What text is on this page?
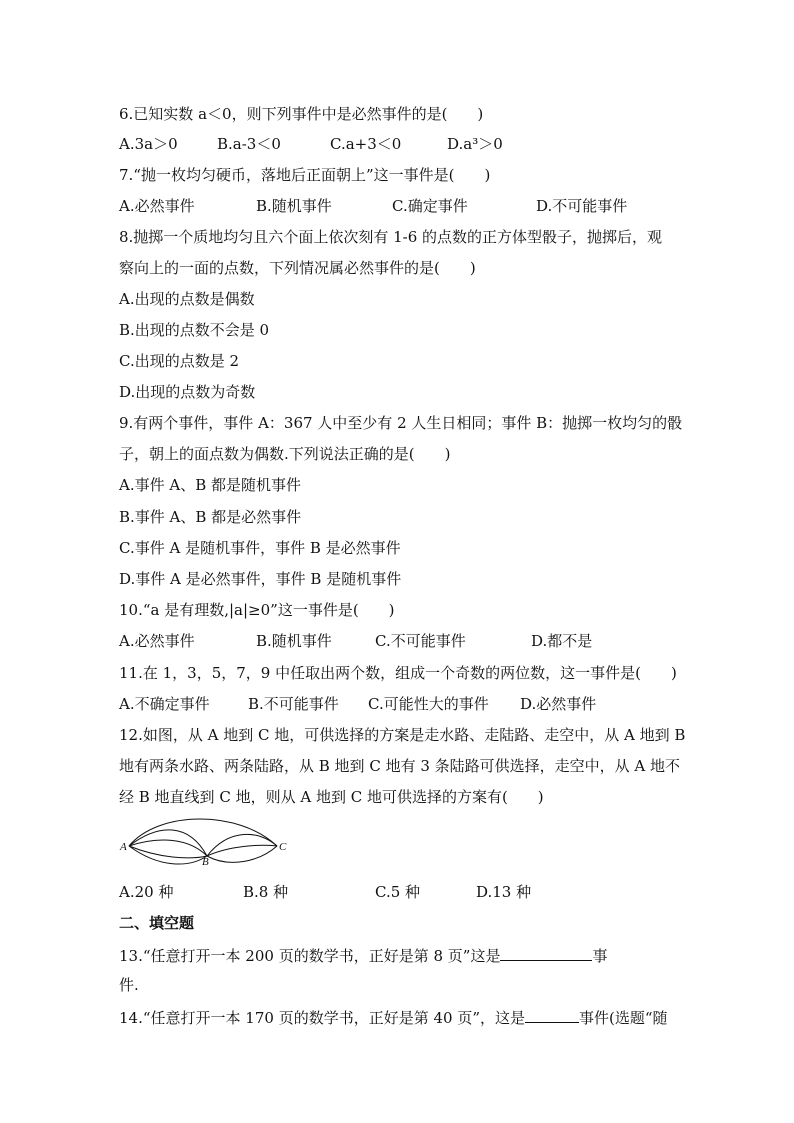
6.已知实数 a＜0，则下列事件中是必然事件的是(　　)
A.3a＞0	B.a-3＜0	C.a+3＜0	D.a³＞0
7.“抛一枚均匀硬币，落地后正面朝上”这一事件是(　　)
A.必然事件	B.随机事件	C.确定事件	D.不可能事件
8.抛掷一个质地均匀且六个面上依次刻有 1-6 的点数的正方体型骰子，抛掷后，观
察向上的一面的点数，下列情况属必然事件的是(　　)
A.出现的点数是偶数
B.出现的点数不会是 0
C.出现的点数是 2
D.出现的点数为奇数
9.有两个事件，事件 A：367 人中至少有 2 人生日相同；事件 B：抛掷一枚均匀的骰
子，朝上的面点数为偶数.下列说法正确的是(　　)
A.事件 A、B 都是随机事件
B.事件 A、B 都是必然事件
C.事件 A 是随机事件，事件 B 是必然事件
D.事件 A 是必然事件，事件 B 是随机事件
10.“a 是有理数,|a|≥0”这一事件是(　　)
A.必然事件	B.随机事件	C.不可能事件	D.都不是
11.在 1，3，5，7，9 中任取出两个数，组成一个奇数的两位数，这一事件是(　　)
A.不确定事件	B.不可能事件 C.可能性大的事件 D.必然事件
12.如图，从 A 地到 C 地，可供选择的方案是走水路、走陆路、走空中，从 A 地到 B
地有两条水路、两条陆路，从 B 地到 C 地有 3 条陆路可供选择，走空中，从 A 地不
经 B 地直线到 C 地，则从 A 地到 C 地可供选择的方案有(　　)
A
B
C
A.20 种	B.8 种	C.5 种	D.13 种
二、填空题
13.“任意打开一本 200 页的数学书，正好是第 8 页”这是	事
件.
14.“任意打开一本 170 页的数学书，正好是第 40 页”，这是	事件(选题“随
